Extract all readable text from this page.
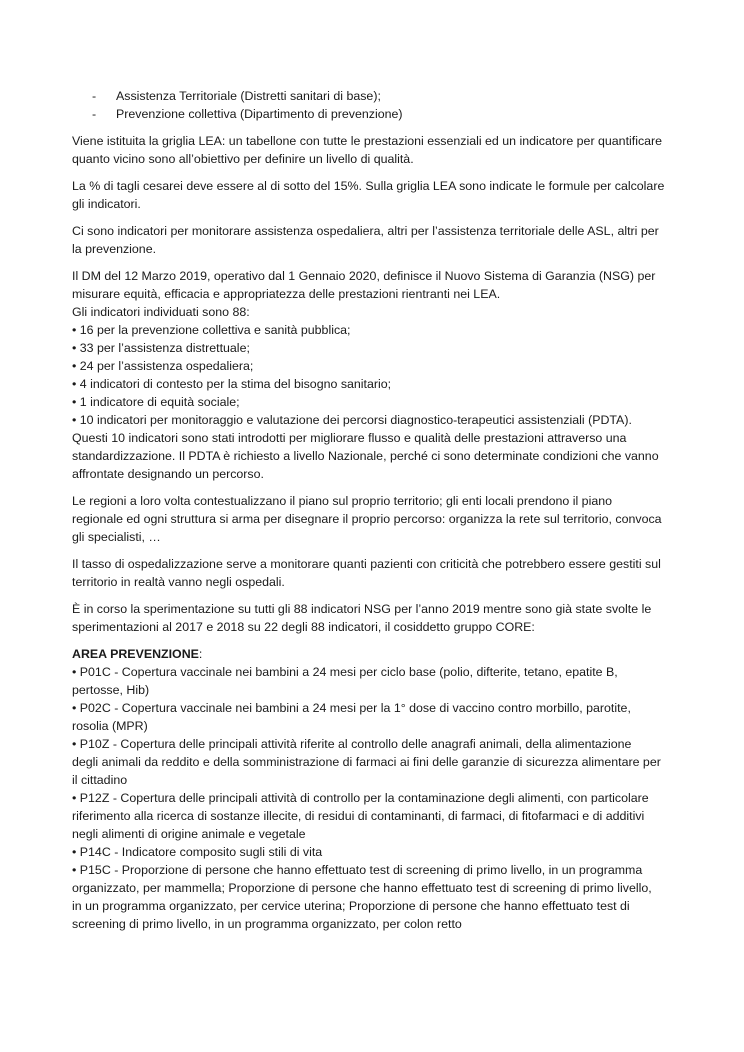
- Assistenza Territoriale (Distretti sanitari di base);
- Prevenzione collettiva (Dipartimento di prevenzione)

Viene istituita la griglia LEA: un tabellone con tutte le prestazioni essenziali ed un indicatore per quantificare
quanto vicino sono all’obiettivo per definire un livello di qualità.

La % di tagli cesarei deve essere al di sotto del 15%. Sulla griglia LEA sono indicate le formule per calcolare
gli indicatori.

Ci sono indicatori per monitorare assistenza ospedaliera, altri per l’assistenza territoriale delle ASL, altri per
la prevenzione.

Il DM del 12 Marzo 2019, operativo dal 1 Gennaio 2020, definisce il Nuovo Sistema di Garanzia (NSG) per
misurare equità, efficacia e appropriatezza delle prestazioni rientranti nei LEA.
Gli indicatori individuati sono 88:
• 16 per la prevenzione collettiva e sanità pubblica;
• 33 per l’assistenza distrettuale;
• 24 per l’assistenza ospedaliera;
• 4 indicatori di contesto per la stima del bisogno sanitario;
• 1 indicatore di equità sociale;
• 10 indicatori per monitoraggio e valutazione dei percorsi diagnostico-terapeutici assistenziali (PDTA).
Questi 10 indicatori sono stati introdotti per migliorare flusso e qualità delle prestazioni attraverso una
standardizzazione. Il PDTA è richiesto a livello Nazionale, perché ci sono determinate condizioni che vanno
affrontate designando un percorso.

Le regioni a loro volta contestualizzano il piano sul proprio territorio; gli enti locali prendono il piano
regionale ed ogni struttura si arma per disegnare il proprio percorso: organizza la rete sul territorio, convoca
gli specialisti, …

Il tasso di ospedalizzazione serve a monitorare quanti pazienti con criticità che potrebbero essere gestiti sul
territorio in realtà vanno negli ospedali.

È in corso la sperimentazione su tutti gli 88 indicatori NSG per l’anno 2019 mentre sono già state svolte le
sperimentazioni al 2017 e 2018 su 22 degli 88 indicatori, il cosiddetto gruppo CORE:

AREA PREVENZIONE:
• P01C - Copertura vaccinale nei bambini a 24 mesi per ciclo base (polio, difterite, tetano, epatite B,
pertosse, Hib)
• P02C - Copertura vaccinale nei bambini a 24 mesi per la 1° dose di vaccino contro morbillo, parotite,
rosolia (MPR)
• P10Z - Copertura delle principali attività riferite al controllo delle anagrafi animali, della alimentazione
degli animali da reddito e della somministrazione di farmaci ai fini delle garanzie di sicurezza alimentare per
il cittadino
• P12Z - Copertura delle principali attività di controllo per la contaminazione degli alimenti, con particolare
riferimento alla ricerca di sostanze illecite, di residui di contaminanti, di farmaci, di fitofarmaci e di additivi
negli alimenti di origine animale e vegetale
• P14C - Indicatore composito sugli stili di vita
• P15C - Proporzione di persone che hanno effettuato test di screening di primo livello, in un programma
organizzato, per mammella; Proporzione di persone che hanno effettuato test di screening di primo livello,
in un programma organizzato, per cervice uterina; Proporzione di persone che hanno effettuato test di
screening di primo livello, in un programma organizzato, per colon retto
